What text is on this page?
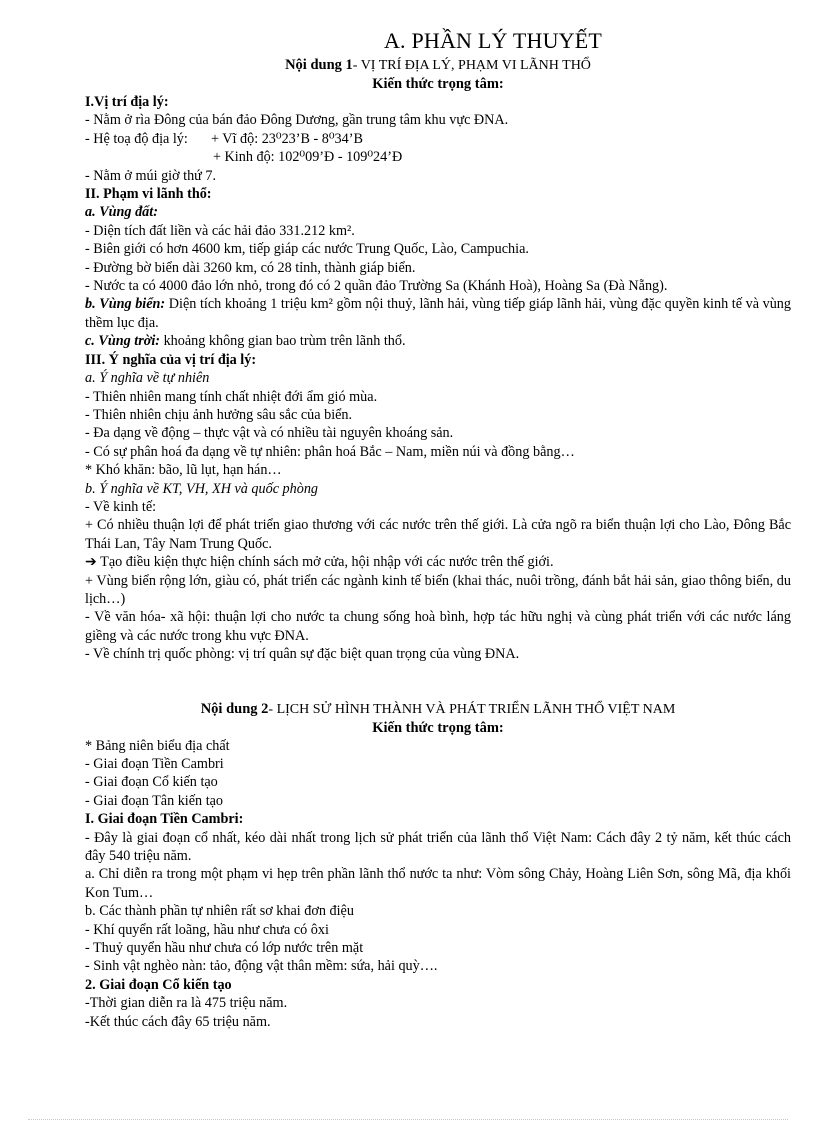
A. PHẦN LÝ THUYẾT
Nội dung 1- VỊ TRÍ ĐỊA LÝ, PHẠM VI LÃNH THỔ
Kiến thức trọng tâm:

I.Vị trí địa lý:

- Nằm ở rìa Đông của bán đảo Đông Dương, gần trung tâm khu vực ĐNA.

- Hệ toạ độ địa lý: + Vĩ độ: 23⁰23’B - 8⁰34’B

+ Kinh độ: 102⁰09’Đ - 109⁰24’Đ

- Nằm ở múi giờ thứ 7.

II. Phạm vi lãnh thổ:

a. Vùng đất:

- Diện tích đất liền và các hải đảo 331.212 km².

- Biên giới có hơn 4600 km, tiếp giáp các nước Trung Quốc, Lào, Campuchia.

- Đường bờ biển dài 3260 km, có 28 tỉnh, thành giáp biển.

- Nước ta có 4000 đảo lớn nhỏ, trong đó có 2 quần đảo Trường Sa (Khánh Hoà), Hoàng Sa (Đà Nẵng).

b. Vùng biển: Diện tích khoảng 1 triệu km² gồm nội thuỷ, lãnh hải, vùng tiếp giáp lãnh hải, vùng đặc quyền kinh tế và vùng thềm lục địa.

c. Vùng trời: khoảng không gian bao trùm trên lãnh thổ.

III. Ý nghĩa của vị trí địa lý:

a. Ý nghĩa về tự nhiên

- Thiên nhiên mang tính chất nhiệt đới ẩm gió mùa.

- Thiên nhiên chịu ảnh hưởng sâu sắc của biển.

- Đa dạng về động – thực vật và có nhiều tài nguyên khoáng sản.

- Có sự phân hoá đa dạng về tự nhiên: phân hoá Bắc – Nam, miền núi và đồng bằng…

* Khó khăn: bão, lũ lụt, hạn hán…

b. Ý nghĩa về KT, VH, XH và quốc phòng

- Về kinh tế:

+ Có nhiều thuận lợi để phát triển giao thương với các nước trên thế giới. Là cửa ngõ ra biển thuận lợi cho Lào, Đông Bắc Thái Lan, Tây Nam Trung Quốc.

➔ Tạo điều kiện thực hiện chính sách mở cửa, hội nhập với các nước trên thế giới.

+ Vùng biển rộng lớn, giàu có, phát triển các ngành kinh tế biển (khai thác, nuôi trồng, đánh bắt hải sản, giao thông biển, du lịch…)

- Về văn hóa- xã hội: thuận lợi cho nước ta chung sống hoà bình, hợp tác hữu nghị và cùng phát triển với các nước láng giềng và các nước trong khu vực ĐNA.

- Về chính trị quốc phòng: vị trí quân sự đặc biệt quan trọng của vùng ĐNA.

Nội dung 2- LỊCH SỬ HÌNH THÀNH VÀ PHÁT TRIỂN LÃNH THỔ VIỆT NAM
Kiến thức trọng tâm:

* Bảng niên biểu địa chất

- Giai đoạn Tiền Cambri

- Giai đoạn Cổ kiến tạo

- Giai đoạn Tân kiến tạo

I. Giai đoạn Tiền Cambri:

- Đây là giai đoạn cổ nhất, kéo dài nhất trong lịch sử phát triển của lãnh thổ Việt Nam: Cách đây 2 tỷ năm, kết thúc cách đây 540 triệu năm.

a. Chỉ diễn ra trong một phạm vi hẹp trên phần lãnh thổ nước ta như: Vòm sông Chảy, Hoàng Liên Sơn, sông Mã, địa khối Kon Tum…

b. Các thành phần tự nhiên rất sơ khai đơn điệu

- Khí quyển rất loãng, hầu như chưa có ôxi

- Thuỷ quyển hầu như chưa có lớp nước trên mặt

- Sinh vật nghèo nàn: tảo, động vật thân mềm: sứa, hải quỳ….

2. Giai đoạn Cổ kiến tạo

-Thời gian diễn ra là 475 triệu năm.

-Kết thúc cách đây 65 triệu năm.
